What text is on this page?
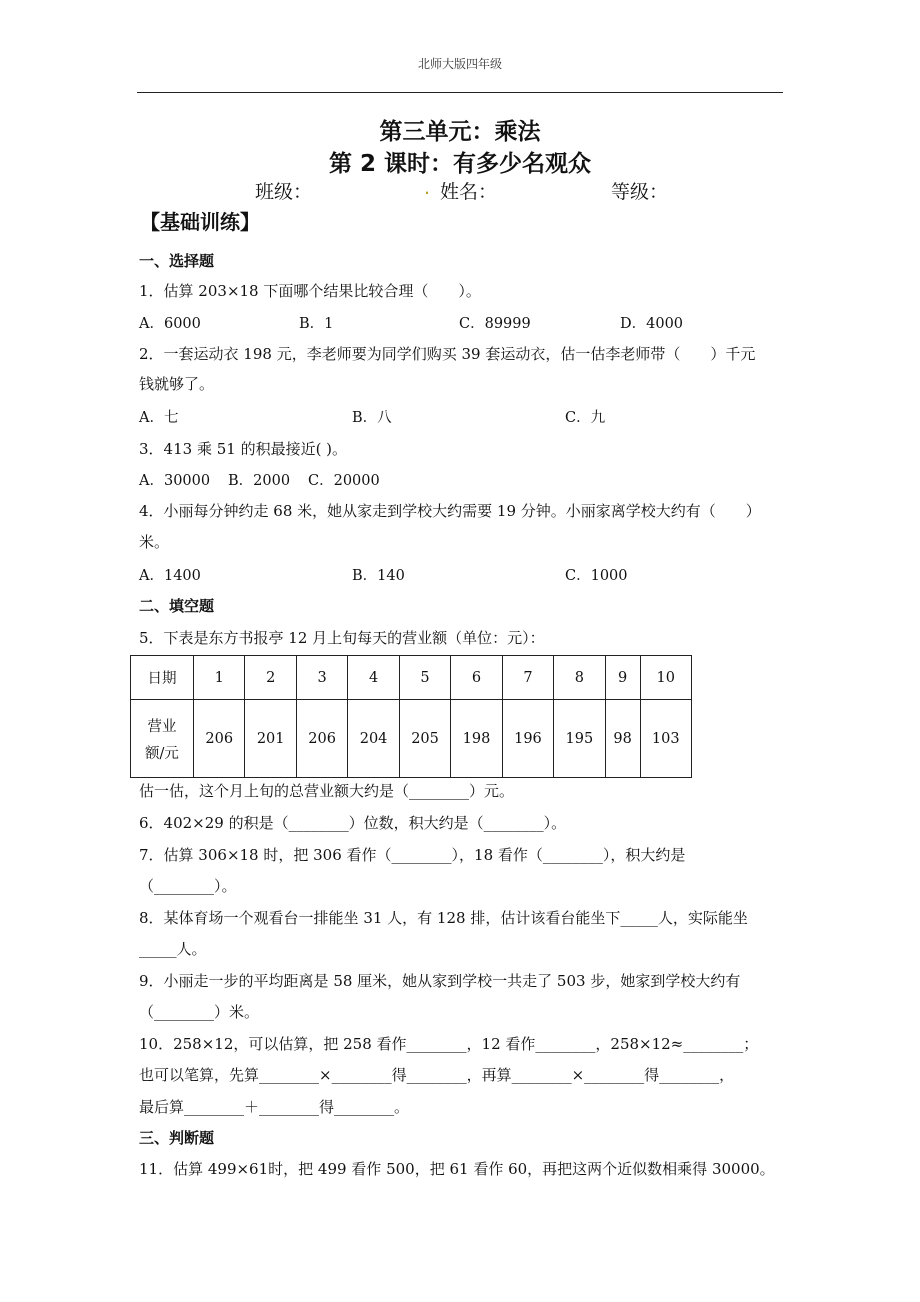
北师大版四年级
第三单元：乘法
第 2 课时：有多少名观众
班级：	. 姓名：	等级：
【基础训练】
一、选择题
1．估算 203×18 下面哪个结果比较合理（　　）。
A．6000	B．1	C．89999	D．4000
2．一套运动衣 198 元，李老师要为同学们购买 39 套运动衣，估一估李老师带（　　）千元
钱就够了。
A．七	B．八	C．九
3．413 乘 51 的积最接近( )。
A．30000 B．2000 C．20000
4．小丽每分钟约走 68 米，她从家走到学校大约需要 19 分钟。小丽家离学校大约有（　　）
米。
A．1400	B．140	C．1000
二、填空题
5．下表是东方书报亭 12 月上旬每天的营业额（单位：元）：
日期	1	2	3	4	5	6	7	8	9	10

营业
额/元	206	201	206	204	205	198	196	195	98	103
估一估，这个月上旬的总营业额大约是（________）元。
6．402×29 的积是（________）位数，积大约是（________）。
7．估算 306×18 时，把 306 看作（________），18 看作（________），积大约是
（________）。
8．某体育场一个观看台一排能坐 31 人，有 128 排，估计该看台能坐下_____人，实际能坐
_____人。
9．小丽走一步的平均距离是 58 厘米，她从家到学校一共走了 503 步，她家到学校大约有
（________）米。
10．258×12，可以估算，把 258 看作________，12 看作________，258×12≈________；
也可以笔算，先算________×________得________，再算________×________得________，
最后算________＋________得________。
三、判断题
11．估算 499×61时，把 499 看作 500，把 61 看作 60，再把这两个近似数相乘得 30000。
